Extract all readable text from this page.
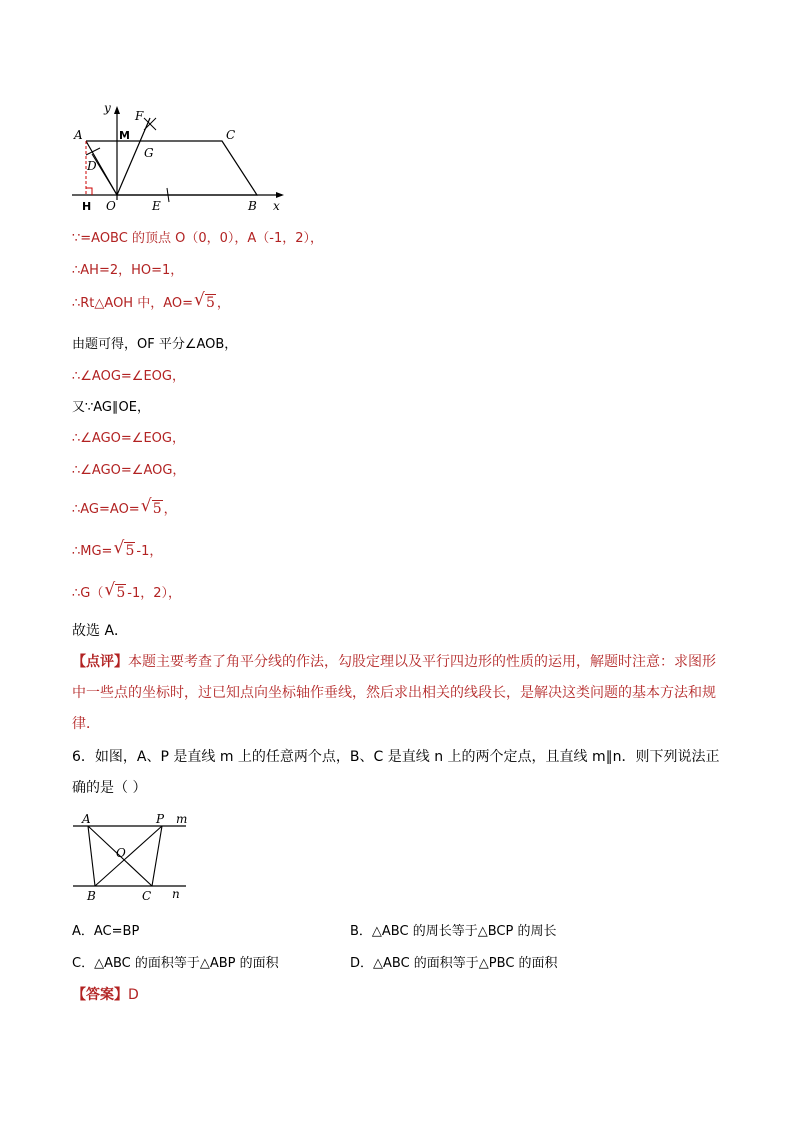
y
F
A	M	C
G
D
H O	E	B x
∵=AOBC 的顶点 O（0，0），A（-1，2），
∴AH=2，HO=1，
∴Rt△AOH 中，AO= √ 5 ，
由题可得，OF 平分∠AOB，
∴∠AOG=∠EOG，
又∵AG∥OE，
∴∠AGO=∠EOG，
∴∠AGO=∠AOG，
∴AG=AO= √ 5 ，
∴MG= √ 5 -1，
∴G（ √ 5 -1，2），
故选 A．
【点评】本题主要考查了角平分线的作法，勾股定理以及平行四边形的性质的运用，解题时注意：求图形中一些点的坐标时，过已知点向坐标轴作垂线，然后求出相关的线段长，是解决这类问题的基本方法和规律．
6．如图，A、P 是直线 m 上的任意两个点，B、C 是直线 n 上的两个定点，且直线 m∥n．则下列说法正确的是（ ）
A	P m
O
B	C n
A．AC=BP	B．△ABC 的周长等于△BCP 的周长
C．△ABC 的面积等于△ABP 的面积	D．△ABC 的面积等于△PBC 的面积
【答案】D
